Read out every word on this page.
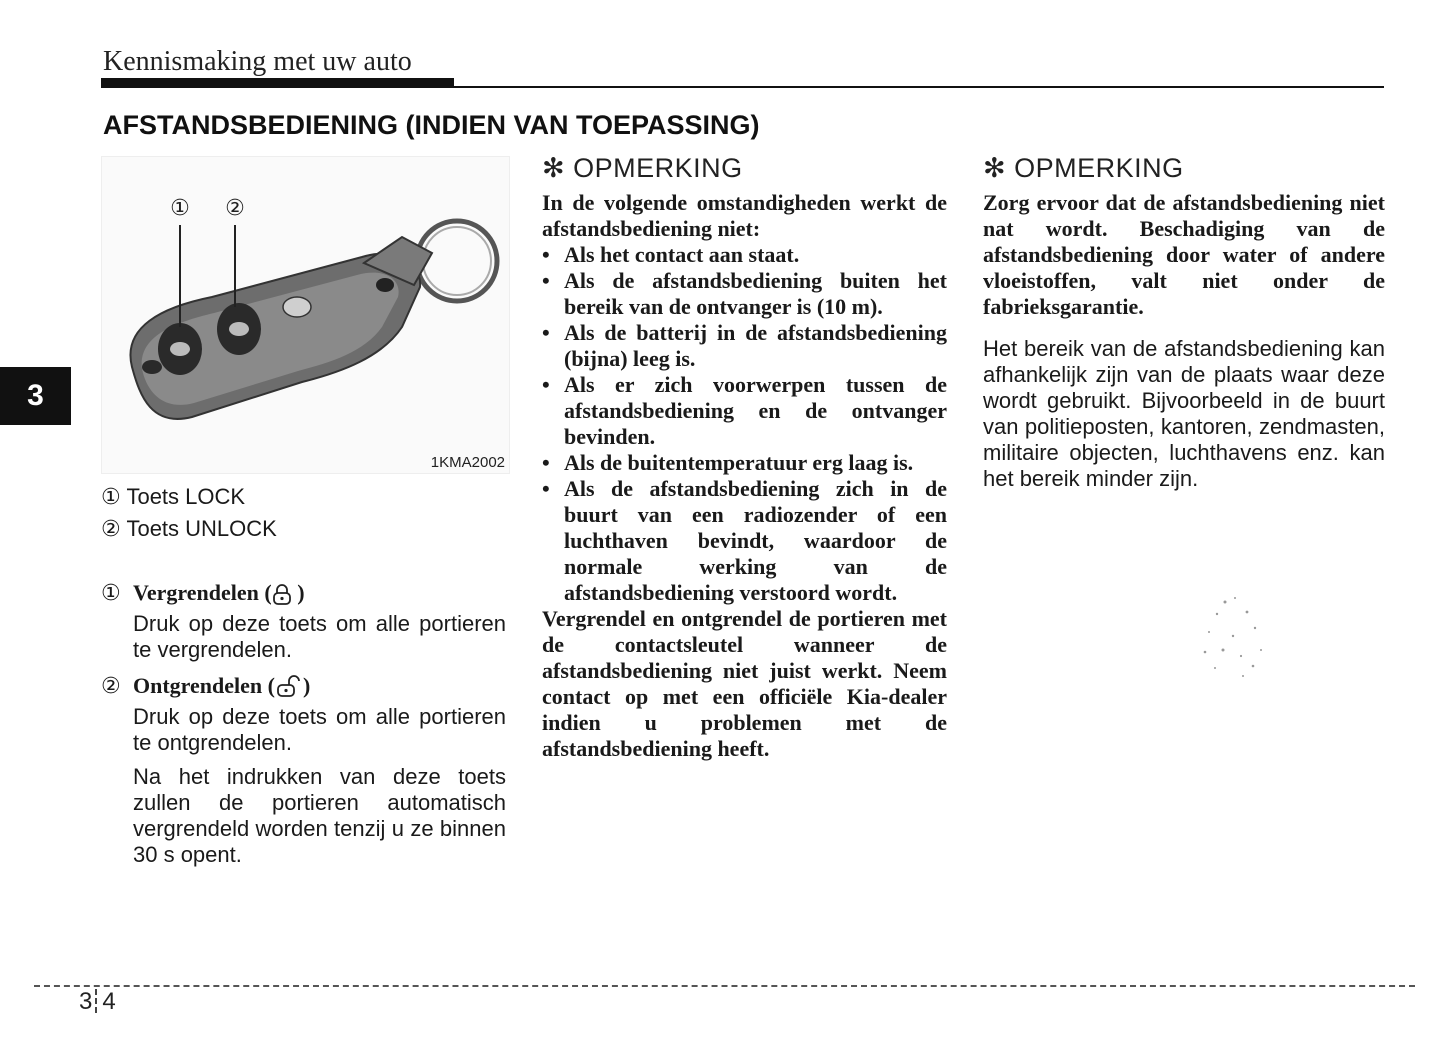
Kennismaking met uw auto
3
AFSTANDSBEDIENING (INDIEN VAN TOEPASSING)
① ②
1KMA2002
① Toets LOCK
② Toets UNLOCK
① Vergrendelen ( )

Druk op deze toets om alle portieren te vergrendelen.

② Ontgrendelen ( )

Druk op deze toets om alle portieren te ontgrendelen.

Na het indrukken van deze toets zullen de portieren automatisch vergrendeld worden tenzij u ze binnen 30 s opent.

✻ OPMERKING

In de volgende omstandigheden werkt de afstandsbediening niet:

• Als het contact aan staat.
• Als de afstandsbediening buiten het bereik van de ontvanger is (10 m).
• Als de batterij in de afstandsbediening (bijna) leeg is.
• Als er zich voorwerpen tussen de afstandsbediening en de ontvanger bevinden.
• Als de buitentemperatuur erg laag is.
• Als de afstandsbediening zich in de buurt van een radiozender of een luchthaven bevindt, waardoor de normale werking van de afstandsbediening verstoord wordt.

Vergrendel en ontgrendel de portieren met de contactsleutel wanneer de afstandsbediening niet juist werkt. Neem contact op met een officiële Kia-dealer indien u problemen met de afstandsbediening heeft.

✻ OPMERKING

Zorg ervoor dat de afstandsbediening niet nat wordt. Beschadiging van de afstandsbediening door water of andere vloeistoffen, valt niet onder de fabrieksgarantie.

Het bereik van de afstandsbediening kan afhankelijk zijn van de plaats waar deze wordt gebruikt. Bijvoorbeeld in de buurt van politieposten, kantoren, zendmasten, militaire objecten, luchthavens enz. kan het bereik minder zijn.

3 4
